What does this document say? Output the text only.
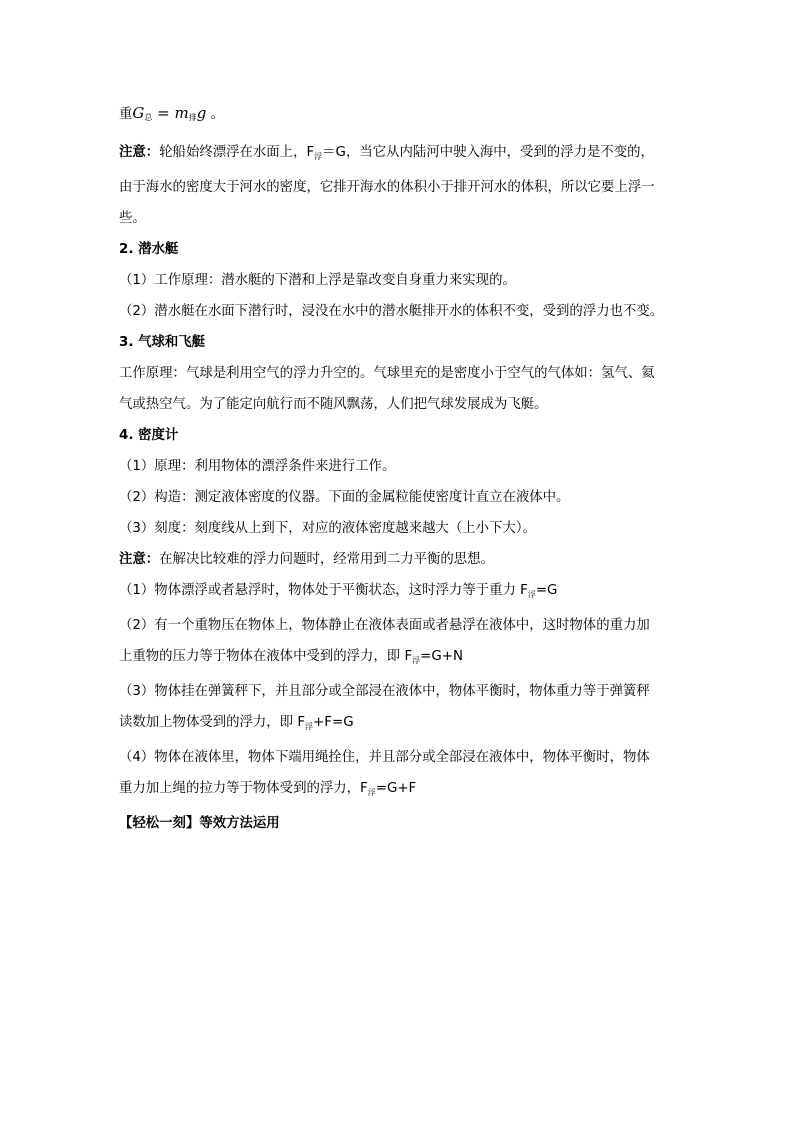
重$G_总 = m_排g$ 。
注意：轮船始终漂浮在水面上，$F_浮=G$，当它从内陆河中驶入海中，受到的浮力是不变的，
由于海水的密度大于河水的密度，它排开海水的体积小于排开河水的体积，所以它要上浮一
些。
2. 潜水艇
（1）工作原理：潜水艇的下潜和上浮是靠改变自身重力来实现的。
（2）潜水艇在水面下潜行时，浸没在水中的潜水艇排开水的体积不变，受到的浮力也不变。
3. 气球和飞艇
工作原理：气球是利用空气的浮力升空的。气球里充的是密度小于空气的气体如：氢气、氦
气或热空气。为了能定向航行而不随风飘荡，人们把气球发展成为飞艇。
4. 密度计
（1）原理：利用物体的漂浮条件来进行工作。
（2）构造：测定液体密度的仪器。下面的金属粒能使密度计直立在液体中。
（3）刻度：刻度线从上到下，对应的液体密度越来越大（上小下大）。
注意：在解决比较难的浮力问题时，经常用到二力平衡的思想。
（1）物体漂浮或者悬浮时，物体处于平衡状态，这时浮力等于重力 $F_浮=G$
（2）有一个重物压在物体上，物体静止在液体表面或者悬浮在液体中，这时物体的重力加
上重物的压力等于物体在液体中受到的浮力，即 $F_浮=G+N$
（3）物体挂在弹簧秤下，并且部分或全部浸在液体中，物体平衡时，物体重力等于弹簧秤
读数加上物体受到的浮力，即 $F_浮+F=G$
（4）物体在液体里，物体下端用绳拴住，并且部分或全部浸在液体中，物体平衡时，物体
重力加上绳的拉力等于物体受到的浮力，$F_浮=G+F$
【轻松一刻】等效方法运用
